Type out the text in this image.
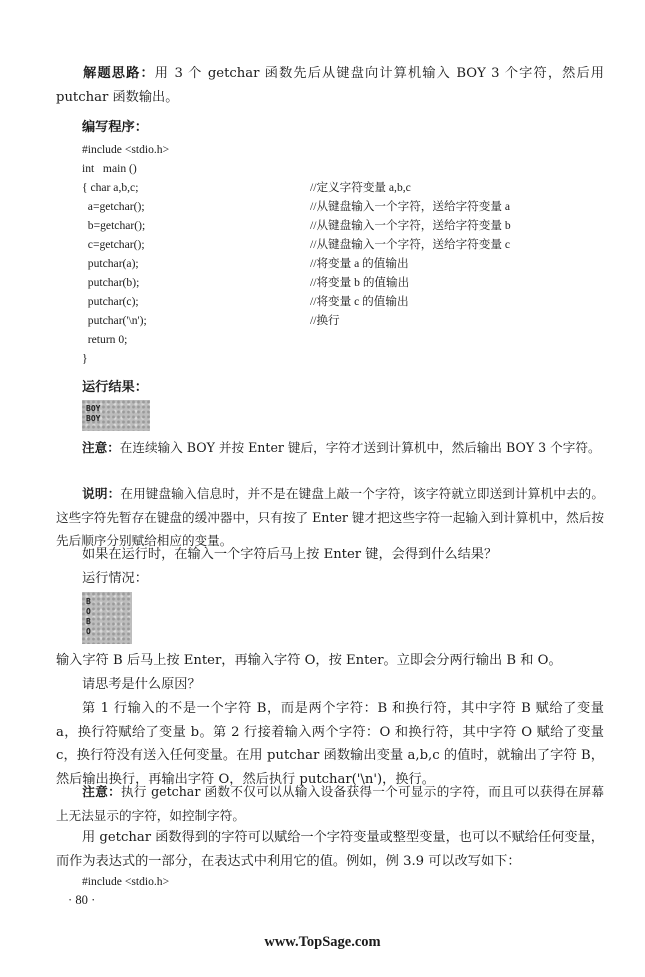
解题思路：用 3 个 getchar 函数先后从键盘向计算机输入 BOY 3 个字符，然后用 putchar 函数输出。
编写程序：
#include <stdio.h>
int   main ()
{ char a,b,c;	//定义字符变量 a,b,c
a=getchar();	//从键盘输入一个字符，送给字符变量 a
b=getchar();	//从键盘输入一个字符，送给字符变量 b
c=getchar();	//从键盘输入一个字符，送给字符变量 c
putchar(a);	//将变量 a 的值输出
putchar(b);	//将变量 b 的值输出
putchar(c);	//将变量 c 的值输出
putchar('\n');	//换行
return 0;
}
运行结果：
BOY
BOY
注意：在连续输入 BOY 并按 Enter 键后，字符才送到计算机中，然后输出 BOY 3 个字符。
说明：在用键盘输入信息时，并不是在键盘上敲一个字符，该字符就立即送到计算机中去的。这些字符先暂存在键盘的缓冲器中，只有按了 Enter 键才把这些字符一起输入到计算机中，然后按先后顺序分别赋给相应的变量。
如果在运行时，在输入一个字符后马上按 Enter 键，会得到什么结果？
运行情况：
B
O
B
O
输入字符 B 后马上按 Enter，再输入字符 O，按 Enter。立即会分两行输出 B 和 O。
请思考是什么原因？
第 1 行输入的不是一个字符 B，而是两个字符：B 和换行符，其中字符 B 赋给了变量 a，换行符赋给了变量 b。第 2 行接着输入两个字符：O 和换行符，其中字符 O 赋给了变量 c，换行符没有送入任何变量。在用 putchar 函数输出变量 a,b,c 的值时，就输出了字符 B，然后输出换行，再输出字符 O，然后执行 putchar('\n')，换行。
注意：执行 getchar 函数不仅可以从输入设备获得一个可显示的字符，而且可以获得在屏幕上无法显示的字符，如控制字符。
用 getchar 函数得到的字符可以赋给一个字符变量或整型变量，也可以不赋给任何变量，而作为表达式的一部分，在表达式中利用它的值。例如，例 3.9 可以改写如下：
#include <stdio.h>
· 80 ·
www.TopSage.com
